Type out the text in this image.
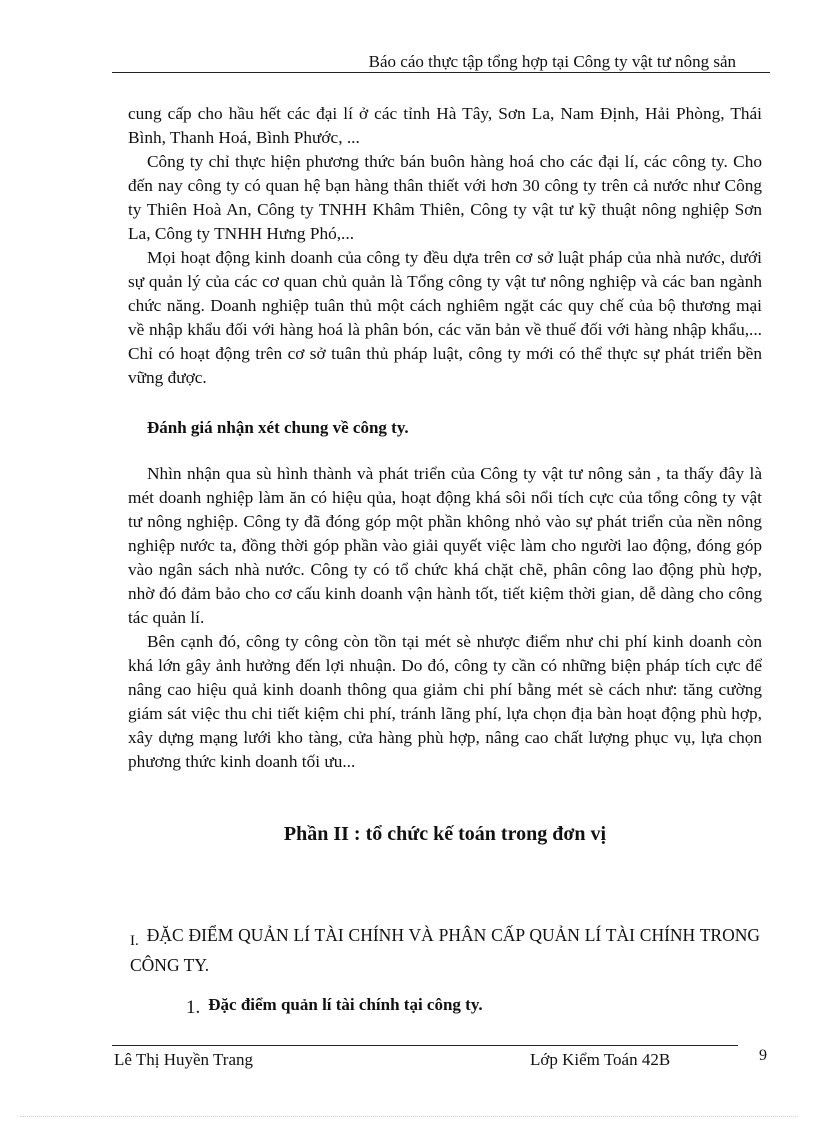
Báo cáo thực tập tổng hợp tại Công ty vật tư nông sản

cung cấp cho hầu hết các đại lí ở các tỉnh Hà Tây, Sơn La, Nam Định, Hải Phòng, Thái Bình, Thanh Hoá, Bình Phước, ...

Công ty chỉ thực hiện phương thức bán buôn hàng hoá cho các đại lí, các công ty. Cho đến nay công ty có quan hệ bạn hàng thân thiết với hơn 30 công ty trên cả nước như Công ty Thiên Hoà An, Công ty TNHH Khâm Thiên, Công ty vật tư kỹ thuật nông nghiệp Sơn La, Công ty TNHH Hưng Phó,...

Mọi hoạt động kinh doanh của công ty đều dựa trên cơ sở luật pháp của nhà nước, dưới sự quản lý của các cơ quan chủ quản là Tổng công ty vật tư nông nghiệp và các ban ngành chức năng. Doanh nghiệp tuân thủ một cách nghiêm ngặt các quy chế của bộ thương mại về nhập khẩu đối với hàng hoá là phân bón, các văn bản về thuế đối với hàng nhập khẩu,... Chỉ có hoạt động trên cơ sở tuân thủ pháp luật, công ty mới có thể thực sự phát triển bền vững được.

Đánh giá nhận xét chung về công ty.

Nhìn nhận qua sù hình thành và phát triển của Công ty vật tư nông sản , ta thấy đây là mét doanh nghiệp làm ăn có hiệu qủa, hoạt động khá sôi nổi tích cực của tổng công ty vật tư nông nghiệp. Công ty đã đóng góp một phần không nhỏ vào sự phát triển của nền nông nghiệp nước ta, đồng thời góp phần vào giải quyết việc làm cho người lao động, đóng góp vào ngân sách nhà nước. Công ty có tổ chức khá chặt chẽ, phân công lao động phù hợp, nhờ đó đảm bảo cho cơ cấu kinh doanh vận hành tốt, tiết kiệm thời gian, dễ dàng cho công tác quản lí.

Bên cạnh đó, công ty công còn tồn tại mét sè nhược điểm như chi phí kinh doanh còn khá lớn gây ảnh hưởng đến lợi nhuận. Do đó, công ty cần có những biện pháp tích cực để nâng cao hiệu quả kinh doanh thông qua giảm chi phí bằng mét sè cách như: tăng cường giám sát việc thu chi tiết kiệm chi phí, tránh lãng phí, lựa chọn địa bàn hoạt động phù hợp, xây dựng mạng lưới kho tàng, cửa hàng phù hợp, nâng cao chất lượng phục vụ, lựa chọn phương thức kinh doanh tối ưu...

Phần II : tổ chức kế toán trong đơn vị

I. ĐẶC ĐIỂM QUẢN LÍ TÀI CHÍNH VÀ PHÂN CẤP QUẢN LÍ TÀI CHÍNH TRONG CÔNG TY.
1. Đặc điểm quản lí tài chính tại công ty.
Lê Thị Huyền Trang	Lớp Kiểm Toán 42B	9
